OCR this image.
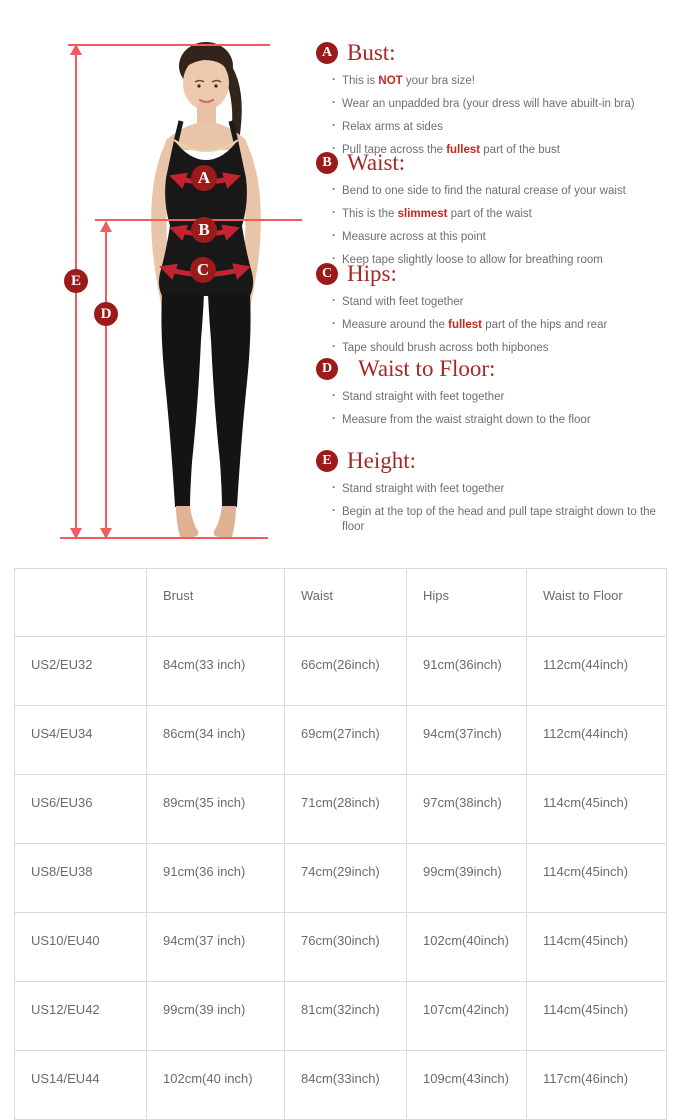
A
B
C
D
E
A Bust:
· This is NOT your bra size!
· Wear an unpadded bra (your dress will have abuilt-in bra)
· Relax arms at sides
· Pull tape across the fullest part of the bust
B Waist:
· Bend to one side to find the natural crease of your waist
· This is the slimmest part of the waist
· Measure across at this point
· Keep tape slightly loose to allow for breathing room
C Hips:
· Stand with feet together
· Measure around the fullest part of the hips and rear
· Tape should brush across both hipbones
D Waist to Floor:
· Stand straight with feet together
· Measure from the waist straight down to the floor
E Height:
· Stand straight with feet together
· Begin at the top of the head and pull tape straight down to the floor
	Brust	Waist	Hips	Waist to Floor
US2/EU32	84cm(33 inch)	66cm(26inch)	91cm(36inch)	112cm(44inch)
US4/EU34	86cm(34 inch)	69cm(27inch)	94cm(37inch)	112cm(44inch)
US6/EU36	89cm(35 inch)	71cm(28inch)	97cm(38inch)	114cm(45inch)
US8/EU38	91cm(36 inch)	74cm(29inch)	99cm(39inch)	114cm(45inch)
US10/EU40	94cm(37 inch)	76cm(30inch)	102cm(40inch)	114cm(45inch)
US12/EU42	99cm(39 inch)	81cm(32inch)	107cm(42inch)	114cm(45inch)
US14/EU44	102cm(40 inch)	84cm(33inch)	109cm(43inch)	117cm(46inch)
